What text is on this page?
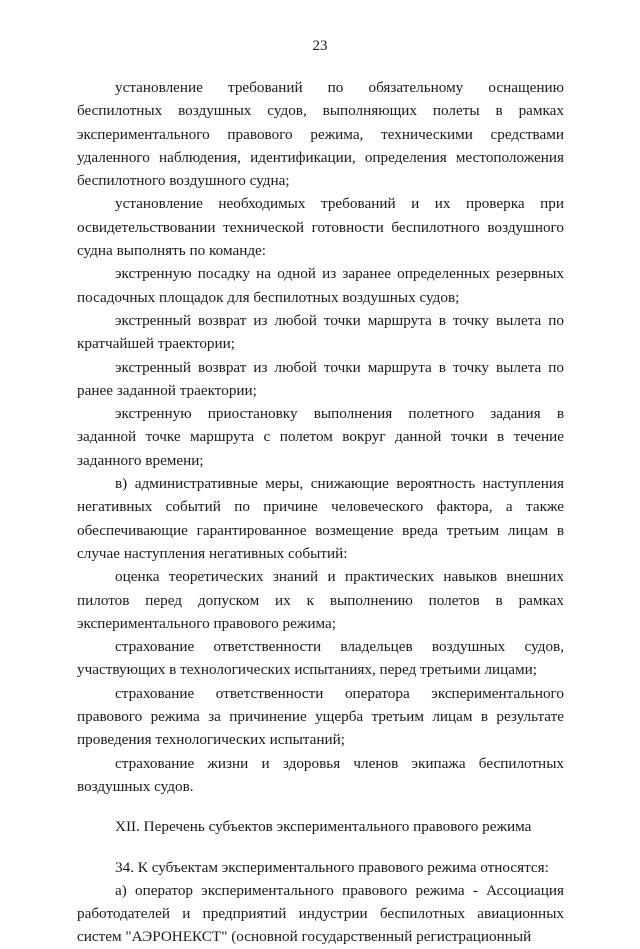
23

установление требований по обязательному оснащению беспилотных воздушных судов, выполняющих полеты в рамках экспериментального правового режима, техническими средствами удаленного наблюдения, идентификации, определения местоположения беспилотного воздушного судна;

установление необходимых требований и их проверка при освидетельствовании технической готовности беспилотного воздушного судна выполнять по команде:

экстренную посадку на одной из заранее определенных резервных посадочных площадок для беспилотных воздушных судов;

экстренный возврат из любой точки маршрута в точку вылета по кратчайшей траектории;

экстренный возврат из любой точки маршрута в точку вылета по ранее заданной траектории;

экстренную приостановку выполнения полетного задания в заданной точке маршрута с полетом вокруг данной точки в течение заданного времени;

в) административные меры, снижающие вероятность наступления негативных событий по причине человеческого фактора, а также обеспечивающие гарантированное возмещение вреда третьим лицам в случае наступления негативных событий:

оценка теоретических знаний и практических навыков внешних пилотов перед допуском их к выполнению полетов в рамках экспериментального правового режима;

страхование ответственности владельцев воздушных судов, участвующих в технологических испытаниях, перед третьими лицами;

страхование ответственности оператора экспериментального правового режима за причинение ущерба третьим лицам в результате проведения технологических испытаний;

страхование жизни и здоровья членов экипажа беспилотных воздушных судов.

XII. Перечень субъектов экспериментального правового режима

34. К субъектам экспериментального правового режима относятся:

а) оператор экспериментального правового режима - Ассоциация работодателей и предприятий индустрии беспилотных авиационных систем "АЭРОНЕКСТ" (основной государственный регистрационный
